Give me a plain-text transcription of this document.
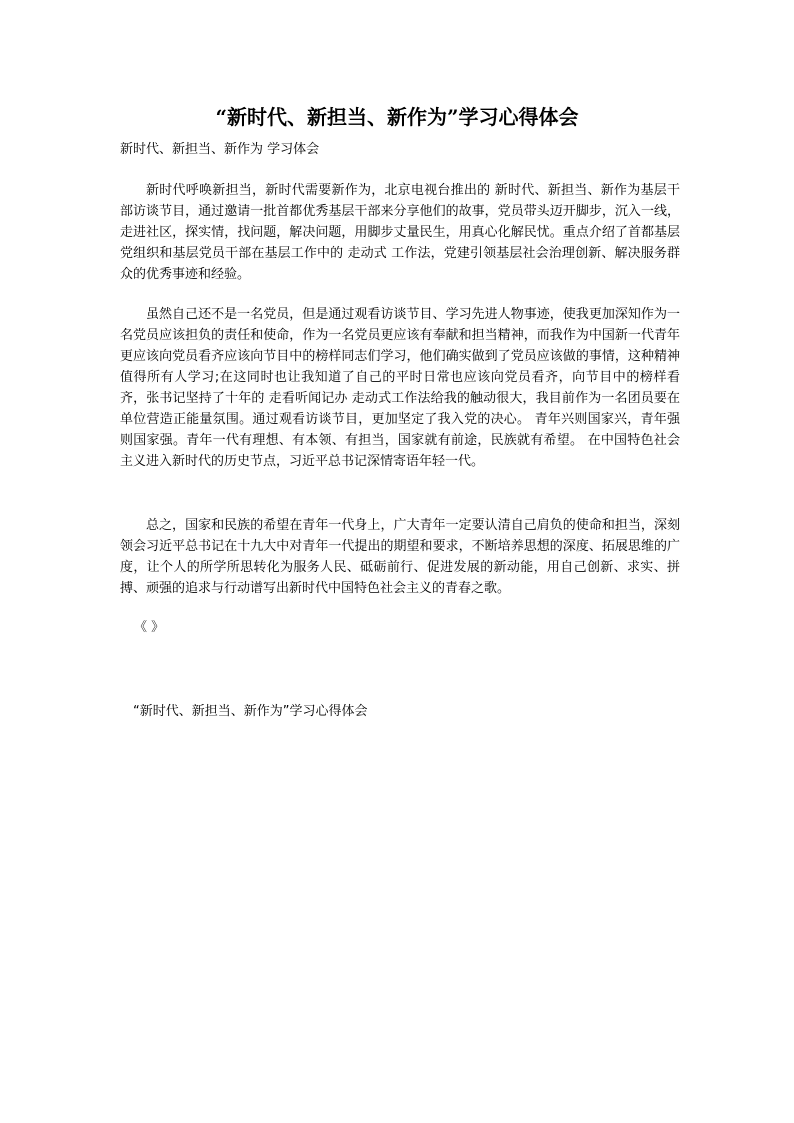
“新时代、新担当、新作为”学习心得体会

新时代、新担当、新作为 学习体会

新时代呼唤新担当，新时代需要新作为，北京电视台推出的 新时代、新担当、新作为基层干部访谈节目，通过邀请一批首都优秀基层干部来分享他们的故事，党员带头迈开脚步，沉入一线，走进社区，探实情，找问题，解决问题，用脚步丈量民生，用真心化解民忧。重点介绍了首都基层党组织和基层党员干部在基层工作中的 走动式 工作法，党建引领基层社会治理创新、解决服务群众的优秀事迹和经验。

虽然自己还不是一名党员，但是通过观看访谈节目、学习先进人物事迹，使我更加深知作为一名党员应该担负的责任和使命，作为一名党员更应该有奉献和担当精神，而我作为中国新一代青年更应该向党员看齐应该向节目中的榜样同志们学习，他们确实做到了党员应该做的事情，这种精神值得所有人学习;在这同时也让我知道了自己的平时日常也应该向党员看齐，向节目中的榜样看齐，张书记坚持了十年的 走看听闻记办 走动式工作法给我的触动很大，我目前作为一名团员要在单位营造正能量氛围。通过观看访谈节目，更加坚定了我入党的决心。 青年兴则国家兴，青年强则国家强。青年一代有理想、有本领、有担当，国家就有前途，民族就有希望。 在中国特色社会主义进入新时代的历史节点，习近平总书记深情寄语年轻一代。

总之，国家和民族的希望在青年一代身上，广大青年一定要认清自己肩负的使命和担当，深刻领会习近平总书记在十九大中对青年一代提出的期望和要求，不断培养思想的深度、拓展思维的广度，让个人的所学所思转化为服务人民、砥砺前行、促进发展的新动能，用自己创新、求实、拼搏、顽强的追求与行动谱写出新时代中国特色社会主义的青春之歌。

《 》

“新时代、新担当、新作为”学习心得体会
